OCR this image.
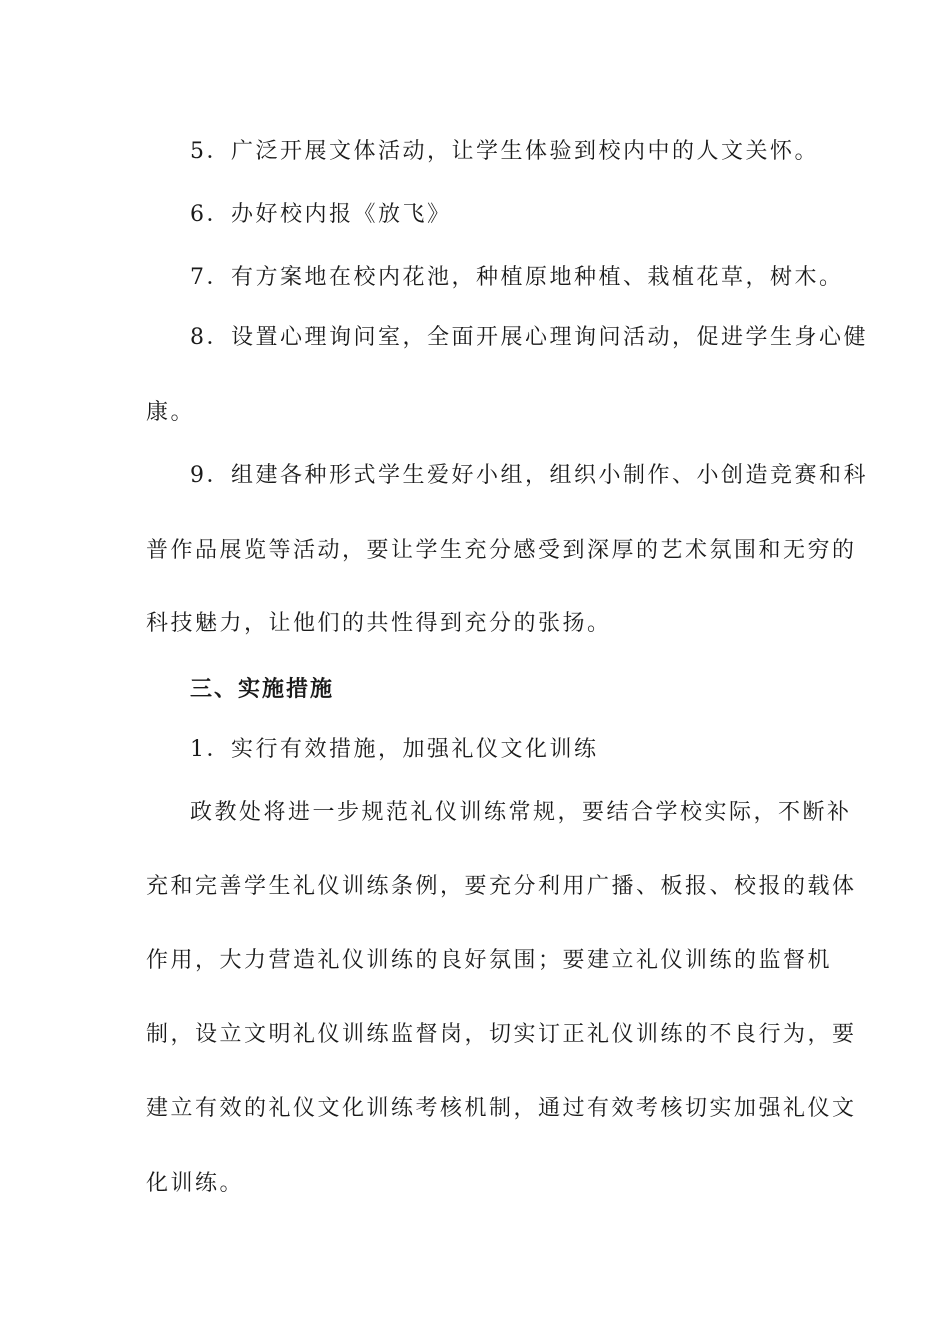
5．广泛开展文体活动，让学生体验到校内中的人文关怀。
6．办好校内报《放飞》
7．有方案地在校内花池，种植原地种植、栽植花草，树木。
8．设置心理询问室，全面开展心理询问活动，促进学生身心健
康。
9．组建各种形式学生爱好小组，组织小制作、小创造竞赛和科
普作品展览等活动，要让学生充分感受到深厚的艺术氛围和无穷的
科技魅力，让他们的共性得到充分的张扬。
三、实施措施
1．实行有效措施，加强礼仪文化训练
政教处将进一步规范礼仪训练常规，要结合学校实际，不断补
充和完善学生礼仪训练条例，要充分利用广播、板报、校报的载体
作用，大力营造礼仪训练的良好氛围；要建立礼仪训练的监督机
制，设立文明礼仪训练监督岗，切实订正礼仪训练的不良行为，要
建立有效的礼仪文化训练考核机制，通过有效考核切实加强礼仪文
化训练。
